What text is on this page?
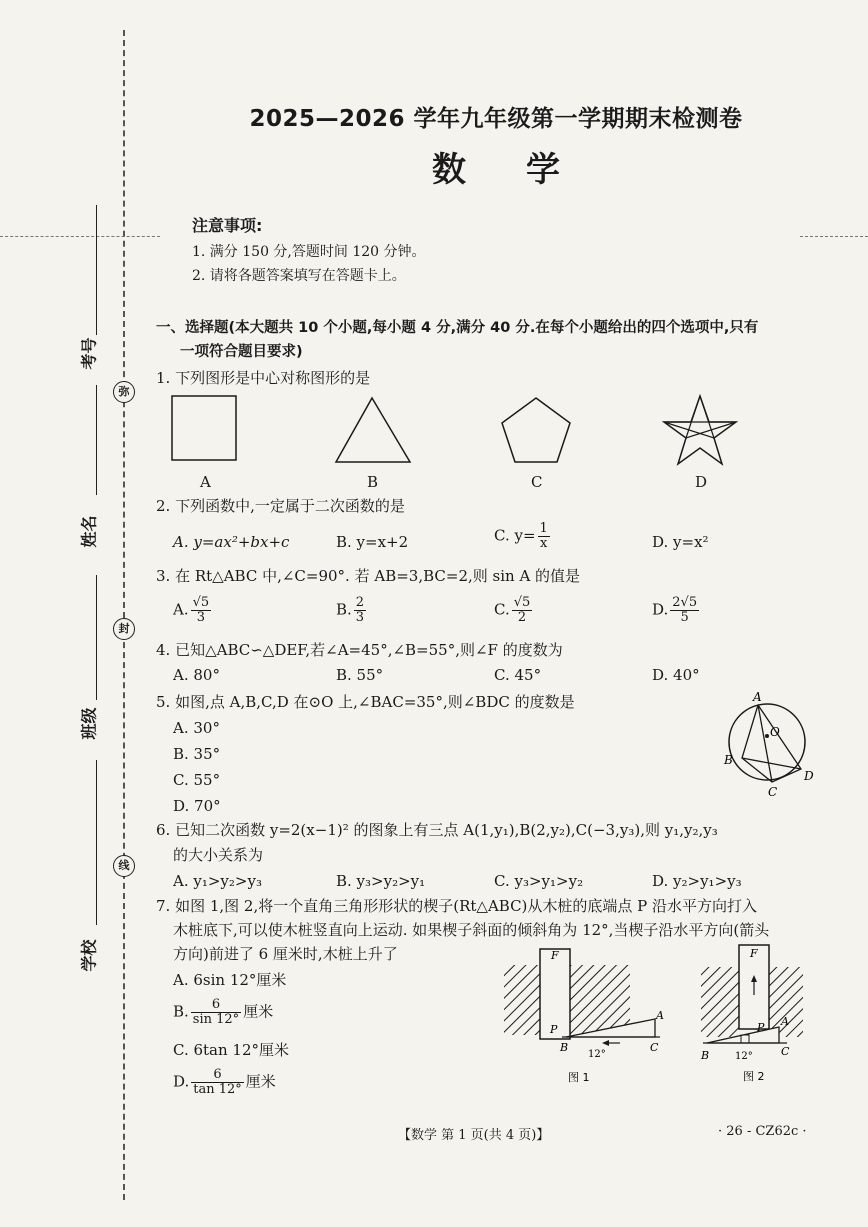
考号
姓名
班级
学校
弥
封
线
2025—2026 学年九年级第一学期期末检测卷
数学
注意事项:
1. 满分 150 分,答题时间 120 分钟。
2. 请将各题答案填写在答题卡上。
一、选择题(本大题共 10 个小题,每小题 4 分,满分 40 分.在每个小题给出的四个选项中,只有
一项符合题目要求)
1. 下列图形是中心对称图形的是
A	B	C	D
2. 下列函数中,一定属于二次函数的是
A. y=ax²+bx+c	B. y=x+2	C. $y= \frac{1}{x}$	D. y=x²
3. 在 Rt△ABC 中,∠C=90°. 若 AB=3,BC=2,则 sin A 的值是
A. $\frac{√5}{3}$	B. $\frac{2}{3}$	C. $\frac{√5}{2}$	D. $\frac{2√5}{5}$
4. 已知△ABC∽△DEF,若∠A=45°,∠B=55°,则∠F 的度数为
A. 80°	B. 55°	C. 45°	D. 40°
5. 如图,点 A,B,C,D 在⊙O 上,∠BAC=35°,则∠BDC 的度数是
A. 30°
B. 35°
C. 55°
D. 70°
A
O
B
C
D
6. 已知二次函数 y=2(x−1)² 的图象上有三点 A(1,y₁),B(2,y₂),C(−3,y₃),则 y₁,y₂,y₃
的大小关系为
A. y₁>y₂>y₃	B. y₃>y₂>y₁	C. y₃>y₁>y₂	D. y₂>y₁>y₃
7. 如图 1,图 2,将一个直角三角形形状的楔子(Rt△ABC)从木桩的底端点 P 沿水平方向打入
木桩底下,可以使木桩竖直向上运动. 如果楔子斜面的倾斜角为 12°,当楔子沿水平方向(箭头
方向)前进了 6 厘米时,木桩上升了
A. 6sin 12°厘米
B. $\frac{6}{\sin 12^\circ}$ 厘米
C. 6tan 12°厘米
D. $\frac{6}{\tan 12^\circ}$ 厘米
F
P
A
B	C
12°
图 1
F
P A
B	C
12°
图 2
【数学 第 1 页(共 4 页)】	· 26 - CZ62c ·
